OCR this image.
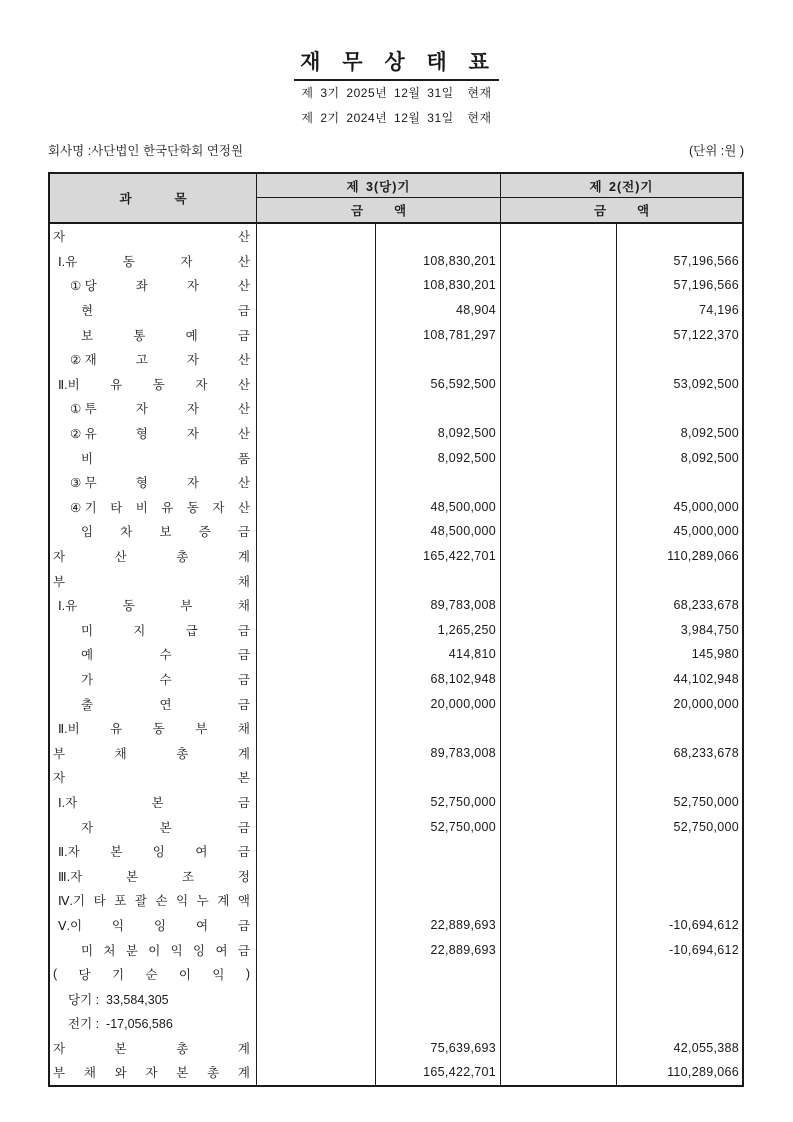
재 무 상 태 표
제 3기 2025년 12월 31일  현재
제 2기 2024년 12월 31일  현재
회사명 :사단법인 한국단학회 연정원	(단위 :원 )
과  목
제 3(당)기	제 2(전)기
금  액	금  액
자	산
Ⅰ.유	동	자	산	108,830,201	57,196,566
① 당	좌	자	산	108,830,201	57,196,566
현	금	48,904	74,196
보	통	예	금	108,781,297	57,122,370
② 재	고	자	산
Ⅱ.비 유 동 자 산	56,592,500	53,092,500
① 투	자	자	산
② 유	형	자	산	8,092,500	8,092,500
비	품	8,092,500	8,092,500
③ 무	형	자	산
④ 기 타 비 유 동 자 산	48,500,000	45,000,000
임 차 보 증 금	48,500,000	45,000,000
자	산	총	계	165,422,701	110,289,066
부	채
Ⅰ.유	동	부	채	89,783,008	68,233,678
미	지	급	금	1,265,250	3,984,750
예	수	금	414,810	145,980
가	수	금	68,102,948	44,102,948
출	연	금	20,000,000	20,000,000
Ⅱ.비 유 동 부 채
부	채	총	계	89,783,008	68,233,678
자	본
Ⅰ.자	본	금	52,750,000	52,750,000
자	본	금	52,750,000	52,750,000
Ⅱ.자 본 잉 여 금
Ⅲ.자	본	조	정
Ⅳ.기 타 포 괄 손 익 누 계 액
Ⅴ.이 익 잉 여 금	22,889,693	-10,694,612
미 처 분 이 익 잉 여 금	22,889,693	-10,694,612
( 당 기 순 이 익 )
당기 :  33,584,305
전기 :  -17,056,586
자	본	총	계	75,639,693	42,055,388
부 채 와 자 본 총 계	165,422,701	110,289,066
